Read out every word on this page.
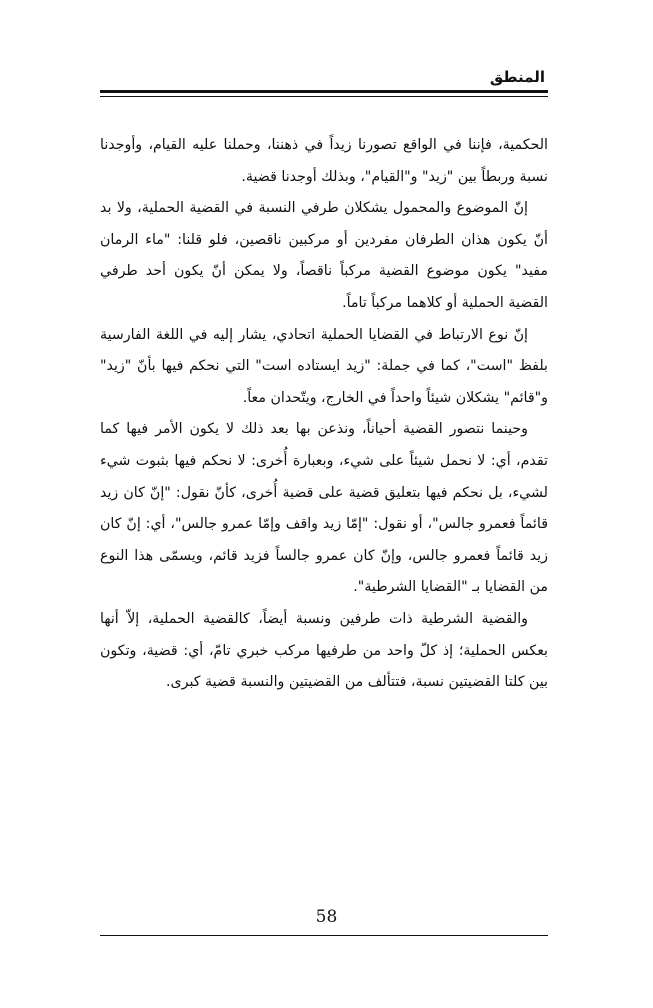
المنطق

الحكمية، فإننا في الواقع تصورنا زيداً في ذهننا، وحملنا عليه القيام، وأوجدنا نسبة وربطاً بين "زيد" و"القيام"، وبذلك أوجدنا قضية.

إنّ الموضوع والمحمول يشكلان طرفي النسبة في القضية الحملية، ولا بد أنّ يكون هذان الطرفان مفردين أو مركبين ناقصين، فلو قلنا: "ماء الرمان مفيد" يكون موضوع القضية مركباً ناقصاً، ولا يمكن أنّ يكون أحد طرفي القضية الحملية أو كلاهما مركباً تاماً.

إنّ نوع الارتباط في القضايا الحملية اتحادي، يشار إليه في اللغة الفارسية بلفظ "است"، كما في جملة: "زيد ايستاده است" التي نحكم فيها بأنّ "زيد" و"قائم" يشكلان شيئاً واحداً في الخارج، ويتّحدان معاً.

وحينما نتصور القضية أحياناً، ونذعن بها بعد ذلك لا يكون الأمر فيها كما تقدم، أي: لا نحمل شيئاً على شيء، وبعبارة أُخرى: لا نحكم فيها بثبوت شيء لشيء، بل نحكم فيها بتعليق قضية على قضية أُخرى، كأنّ نقول: "إنّ كان زيد قائماً فعمرو جالس"، أو نقول: "إمّا زيد واقف وإمّا عمرو جالس"، أي: إنّ كان زيد قائماً فعمرو جالس، وإنّ كان عمرو جالساً فزيد قائم، ويسمّى هذا النوع من القضايا بـ "القضايا الشرطية".

والقضية الشرطية ذات طرفين ونسبة أيضاً، كالقضية الحملية، إلاّ أنها بعكس الحملية؛ إذ كلّ واحد من طرفيها مركب خبري تامّ، أي: قضية، وتكون بين كلتا القضيتين نسبة، فتتألف من القضيتين والنسبة قضية كبرى.

58
